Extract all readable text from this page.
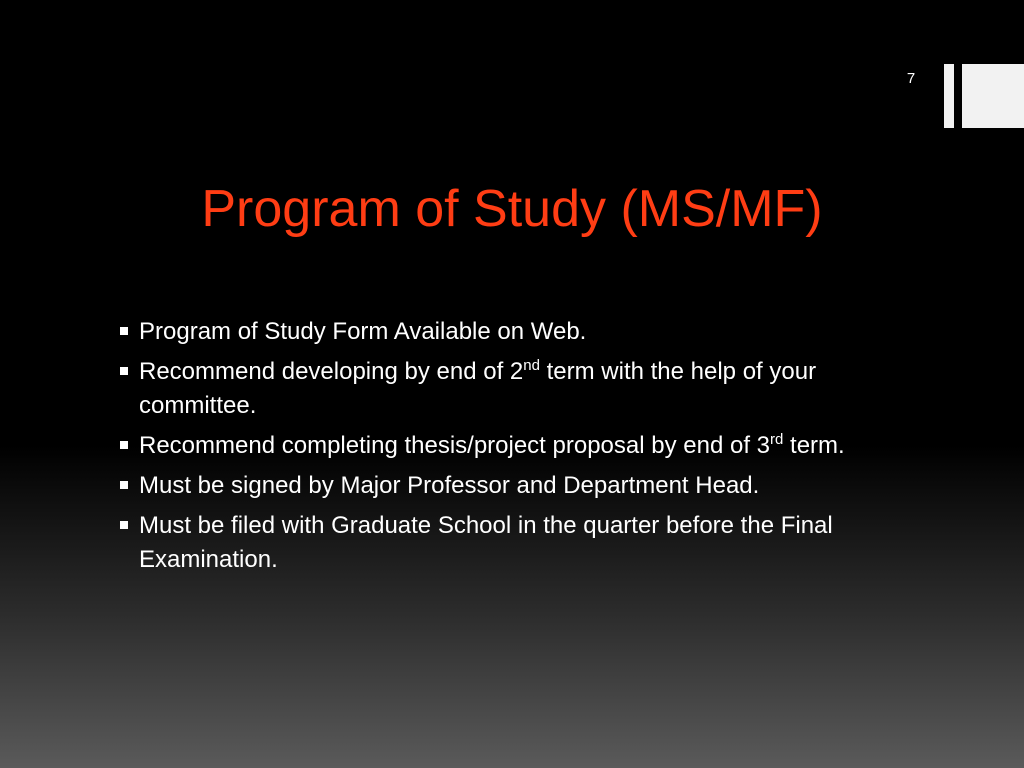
7
Program of Study (MS/MF)
Program of Study Form Available on Web.
Recommend developing by end of 2nd term with the help of your committee.
Recommend completing thesis/project proposal by end of 3rd term.
Must be signed by Major Professor and Department Head.
Must be filed with Graduate School in the quarter before the Final Examination.
